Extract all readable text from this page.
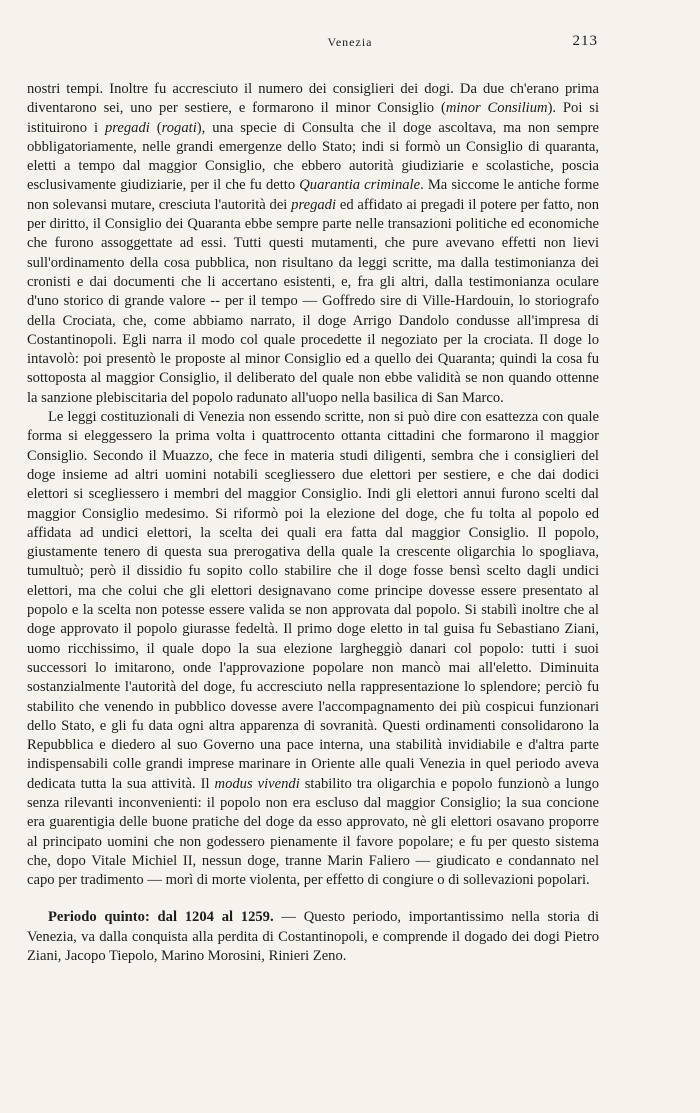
Venezia	213

nostri tempi. Inoltre fu accresciuto il numero dei consiglieri dei dogi. Da due ch'erano prima diventarono sei, uno per sestiere, e formarono il minor Consiglio (minor Consilium). Poi si istituirono i pregadi (rogati), una specie di Consulta che il doge ascoltava, ma non sempre obbligatoriamente, nelle grandi emergenze dello Stato; indi si formò un Consiglio di quaranta, eletti a tempo dal maggior Consiglio, che ebbero autorità giudiziarie e scolastiche, poscia esclusivamente giudiziarie, per il che fu detto Quarantia criminale. Ma siccome le antiche forme non solevansi mutare, cresciuta l'autorità dei pregadi ed affidato ai pregadi il potere per fatto, non per diritto, il Consiglio dei Quaranta ebbe sempre parte nelle transazioni politiche ed economiche che furono assoggettate ad essi. Tutti questi mutamenti, che pure avevano effetti non lievi sull'ordinamento della cosa pubblica, non risultano da leggi scritte, ma dalla testimonianza dei cronisti e dai documenti che li accertano esistenti, e, fra gli altri, dalla testimonianza oculare d'uno storico di grande valore -- per il tempo — Goffredo sire di Ville-Hardouin, lo storiografo della Crociata, che, come abbiamo narrato, il doge Arrigo Dandolo condusse all'impresa di Costantinopoli. Egli narra il modo col quale procedette il negoziato per la crociata. Il doge lo intavolò: poi presentò le proposte al minor Consiglio ed a quello dei Quaranta; quindi la cosa fu sottoposta al maggior Consiglio, il deliberato del quale non ebbe validità se non quando ottenne la sanzione plebiscitaria del popolo radunato all'uopo nella basilica di San Marco.

Le leggi costituzionali di Venezia non essendo scritte, non si può dire con esattezza con quale forma si eleggessero la prima volta i quattrocento ottanta cittadini che formarono il maggior Consiglio. Secondo il Muazzo, che fece in materia studi diligenti, sembra che i consiglieri del doge insieme ad altri uomini notabili scegliessero due elettori per sestiere, e che dai dodici elettori si scegliessero i membri del maggior Consiglio. Indi gli elettori annui furono scelti dal maggior Consiglio medesimo. Si riformò poi la elezione del doge, che fu tolta al popolo ed affidata ad undici elettori, la scelta dei quali era fatta dal maggior Consiglio. Il popolo, giustamente tenero di questa sua prerogativa della quale la crescente oligarchia lo spogliava, tumultuò; però il dissidio fu sopito collo stabilire che il doge fosse bensì scelto dagli undici elettori, ma che colui che gli elettori designavano come principe dovesse essere presentato al popolo e la scelta non potesse essere valida se non approvata dal popolo. Si stabilì inoltre che al doge approvato il popolo giurasse fedeltà. Il primo doge eletto in tal guisa fu Sebastiano Ziani, uomo ricchissimo, il quale dopo la sua elezione largheggiò danari col popolo: tutti i suoi successori lo imitarono, onde l'approvazione popolare non mancò mai all'eletto. Diminuita sostanzialmente l'autorità del doge, fu accresciuto nella rappresentazione lo splendore; perciò fu stabilito che venendo in pubblico dovesse avere l'accompagnamento dei più cospicui funzionari dello Stato, e gli fu data ogni altra apparenza di sovranità. Questi ordinamenti consolidarono la Repubblica e diedero al suo Governo una pace interna, una stabilità invidiabile e d'altra parte indispensabili colle grandi imprese marinare in Oriente alle quali Venezia in quel periodo aveva dedicata tutta la sua attività. Il modus vivendi stabilito tra oligarchia e popolo funzionò a lungo senza rilevanti inconvenienti: il popolo non era escluso dal maggior Consiglio; la sua concione era guarentigia delle buone pratiche del doge da esso approvato, nè gli elettori osavano proporre al principato uomini che non godessero pienamente il favore popolare; e fu per questo sistema che, dopo Vitale Michiel II, nessun doge, tranne Marin Faliero — giudicato e condannato nel capo per tradimento — morì di morte violenta, per effetto di congiure o di sollevazioni popolari.

Periodo quinto: dal 1204 al 1259. — Questo periodo, importantissimo nella storia di Venezia, va dalla conquista alla perdita di Costantinopoli, e comprende il dogado dei dogi Pietro Ziani, Jacopo Tiepolo, Marino Morosini, Rinieri Zeno.
